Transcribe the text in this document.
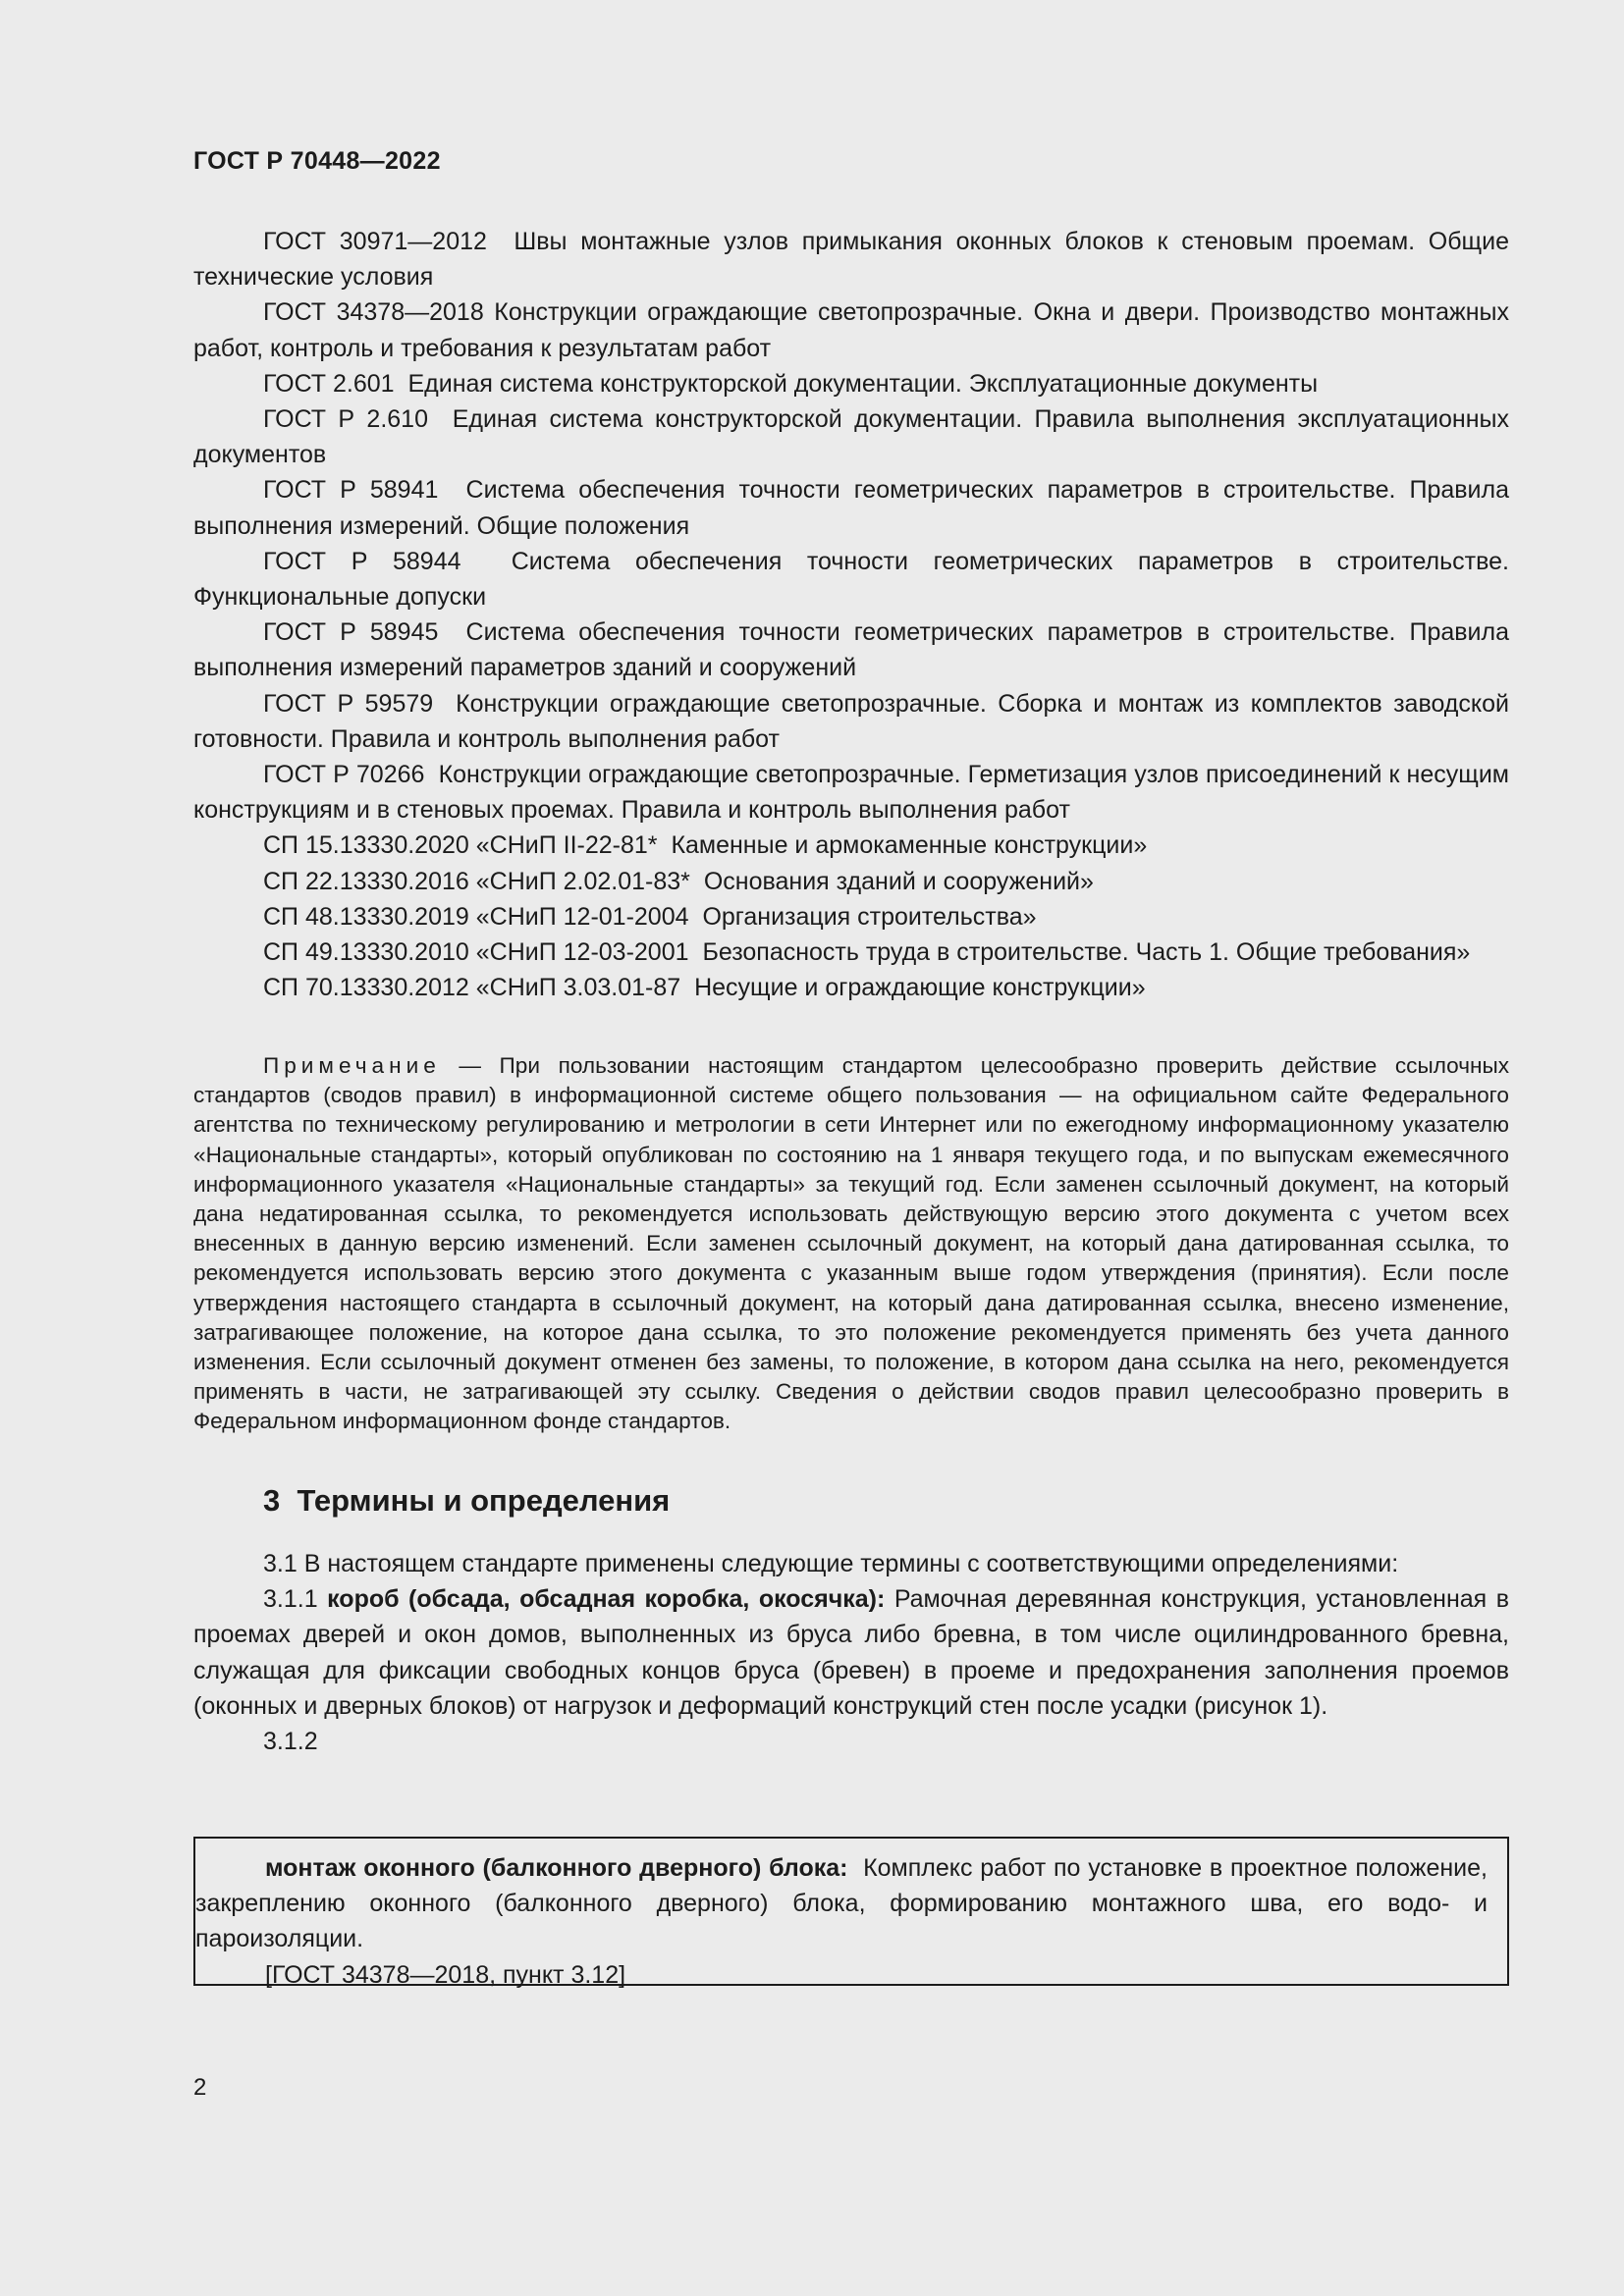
ГОСТ Р 70448—2022

ГОСТ 30971—2012 Швы монтажные узлов примыкания оконных блоков к стеновым проемам. Общие технические условия

ГОСТ 34378—2018 Конструкции ограждающие светопрозрачные. Окна и двери. Производство монтажных работ, контроль и требования к результатам работ

ГОСТ 2.601 Единая система конструкторской документации. Эксплуатационные документы

ГОСТ Р 2.610 Единая система конструкторской документации. Правила выполнения эксплуатационных документов

ГОСТ Р 58941 Система обеспечения точности геометрических параметров в строительстве. Правила выполнения измерений. Общие положения

ГОСТ Р 58944 Система обеспечения точности геометрических параметров в строительстве. Функциональные допуски

ГОСТ Р 58945 Система обеспечения точности геометрических параметров в строительстве. Правила выполнения измерений параметров зданий и сооружений

ГОСТ Р 59579 Конструкции ограждающие светопрозрачные. Сборка и монтаж из комплектов заводской готовности. Правила и контроль выполнения работ

ГОСТ Р 70266 Конструкции ограждающие светопрозрачные. Герметизация узлов присоединений к несущим конструкциям и в стеновых проемах. Правила и контроль выполнения работ

СП 15.13330.2020 «СНиП II-22-81* Каменные и армокаменные конструкции»

СП 22.13330.2016 «СНиП 2.02.01-83* Основания зданий и сооружений»

СП 48.13330.2019 «СНиП 12-01-2004 Организация строительства»

СП 49.13330.2010 «СНиП 12-03-2001 Безопасность труда в строительстве. Часть 1. Общие требования»

СП 70.13330.2012 «СНиП 3.03.01-87 Несущие и ограждающие конструкции»

Примечание — При пользовании настоящим стандартом целесообразно проверить действие ссылочных стандартов (сводов правил) в информационной системе общего пользования — на официальном сайте Федерального агентства по техническому регулированию и метрологии в сети Интернет или по ежегодному информационному указателю «Национальные стандарты», который опубликован по состоянию на 1 января текущего года, и по выпускам ежемесячного информационного указателя «Национальные стандарты» за текущий год. Если заменен ссылочный документ, на который дана недатированная ссылка, то рекомендуется использовать действующую версию этого документа с учетом всех внесенных в данную версию изменений. Если заменен ссылочный документ, на который дана датированная ссылка, то рекомендуется использовать версию этого документа с указанным выше годом утверждения (принятия). Если после утверждения настоящего стандарта в ссылочный документ, на который дана датированная ссылка, внесено изменение, затрагивающее положение, на которое дана ссылка, то это положение рекомендуется применять без учета данного изменения. Если ссылочный документ отменен без замены, то положение, в котором дана ссылка на него, рекомендуется применять в части, не затрагивающей эту ссылку. Сведения о действии сводов правил целесообразно проверить в Федеральном информационном фонде стандартов.

3 Термины и определения

3.1 В настоящем стандарте применены следующие термины с соответствующими определениями:

3.1.1 короб (обсада, обсадная коробка, окосячка): Рамочная деревянная конструкция, установленная в проемах дверей и окон домов, выполненных из бруса либо бревна, в том числе оцилиндрованного бревна, служащая для фиксации свободных концов бруса (бревен) в проеме и предохранения заполнения проемов (оконных и дверных блоков) от нагрузок и деформаций конструкций стен после усадки (рисунок 1).

3.1.2

монтаж оконного (балконного дверного) блока: Комплекс работ по установке в проектное положение, закреплению оконного (балконного дверного) блока, формированию монтажного шва, его водо- и пароизоляции.

[ГОСТ 34378—2018, пункт 3.12]

2
